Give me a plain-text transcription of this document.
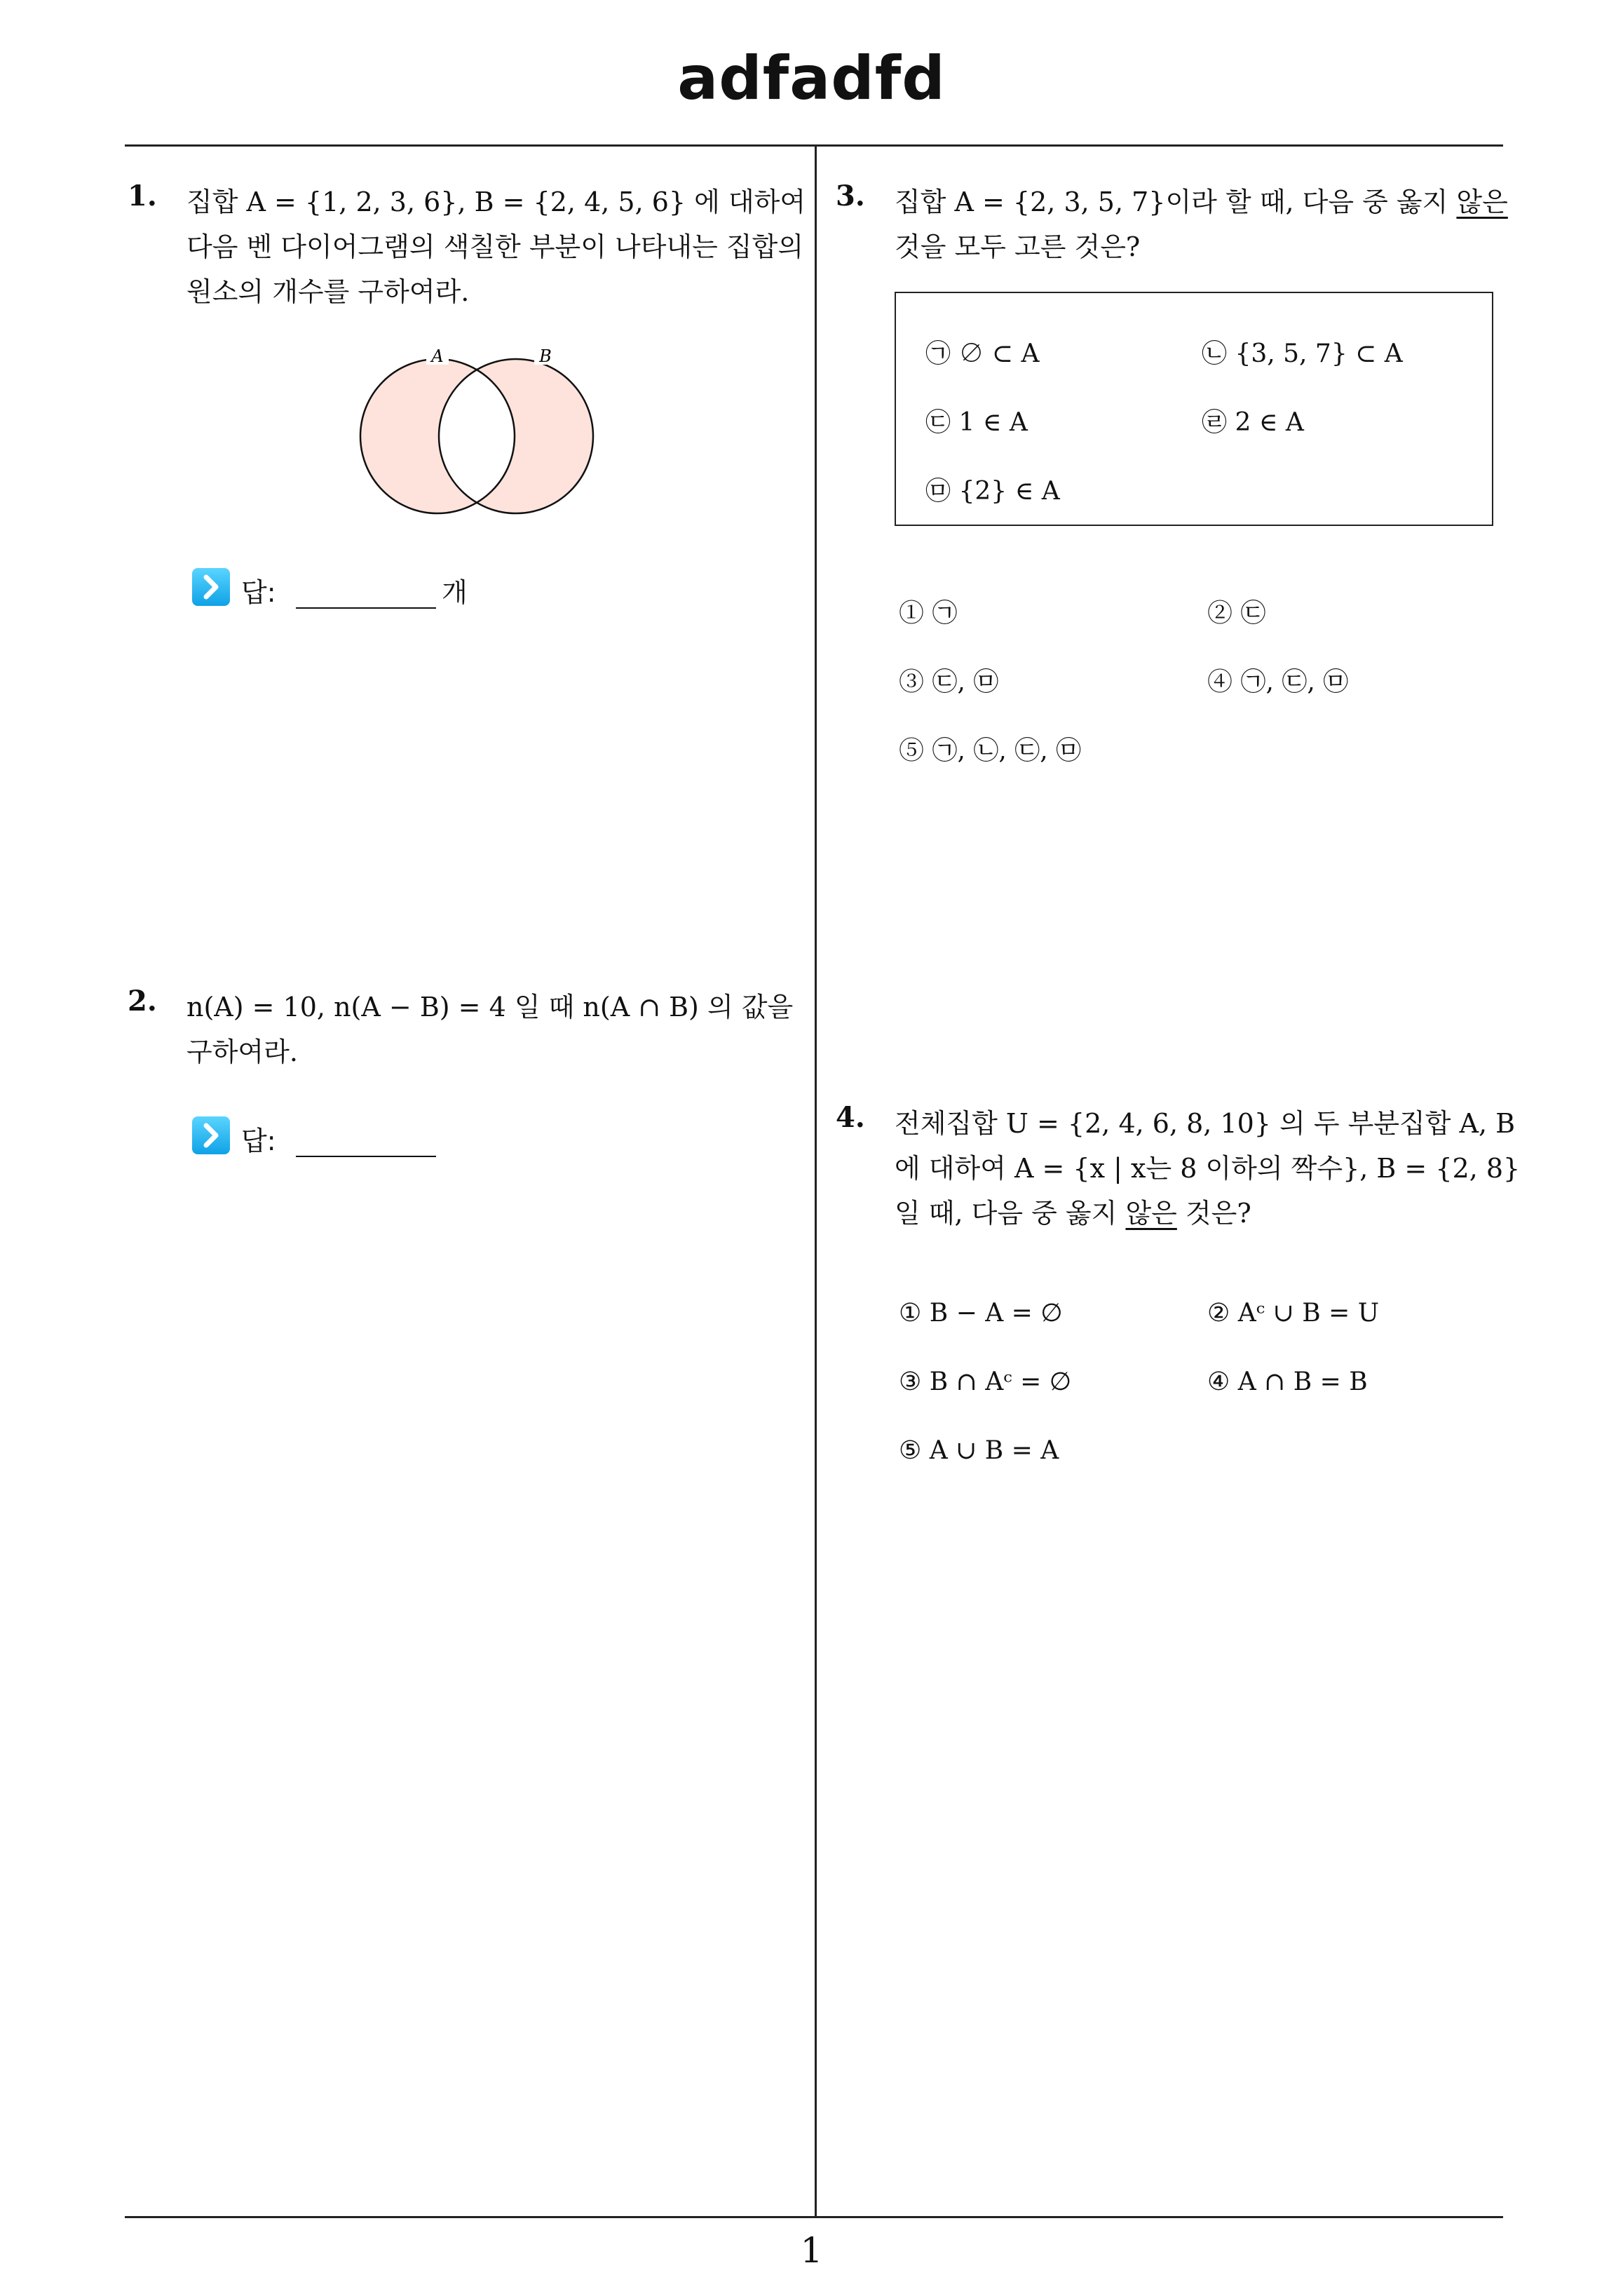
adfadfd
1
1. 집합 A = {1, 2, 3, 6}, B = {2, 4, 5, 6} 에 대하여
다음 벤 다이어그램의 색칠한 부분이 나타내는 집합의
원소의 개수를 구하여라.
A	B
답:	개
2. n(A) = 10, n(A − B) = 4 일 때 n(A ∩ B) 의 값을
구하여라.
답:
3. 집합 A = {2, 3, 5, 7}이라 할 때, 다음 중 옳지 않은
것을 모두 고른 것은?
㉠ ∅ ⊂ A	㉡ {3, 5, 7} ⊂ A
㉢ 1 ∈ A	㉣ 2 ∈ A
㉤ {2} ∈ A
① ㉠	② ㉢
③ ㉢, ㉤	④ ㉠, ㉢, ㉤
⑤ ㉠, ㉡, ㉢, ㉤
4. 전체집합 U = {2, 4, 6, 8, 10} 의 두 부분집합 A, B
에 대하여 A = {x | x는 8 이하의 짝수}, B = {2, 8}
일 때, 다음 중 옳지 않은 것은?
① B − A = ∅	② Aᶜ ∪ B = U
③ B ∩ Aᶜ = ∅	④ A ∩ B = B
⑤ A ∪ B = A
